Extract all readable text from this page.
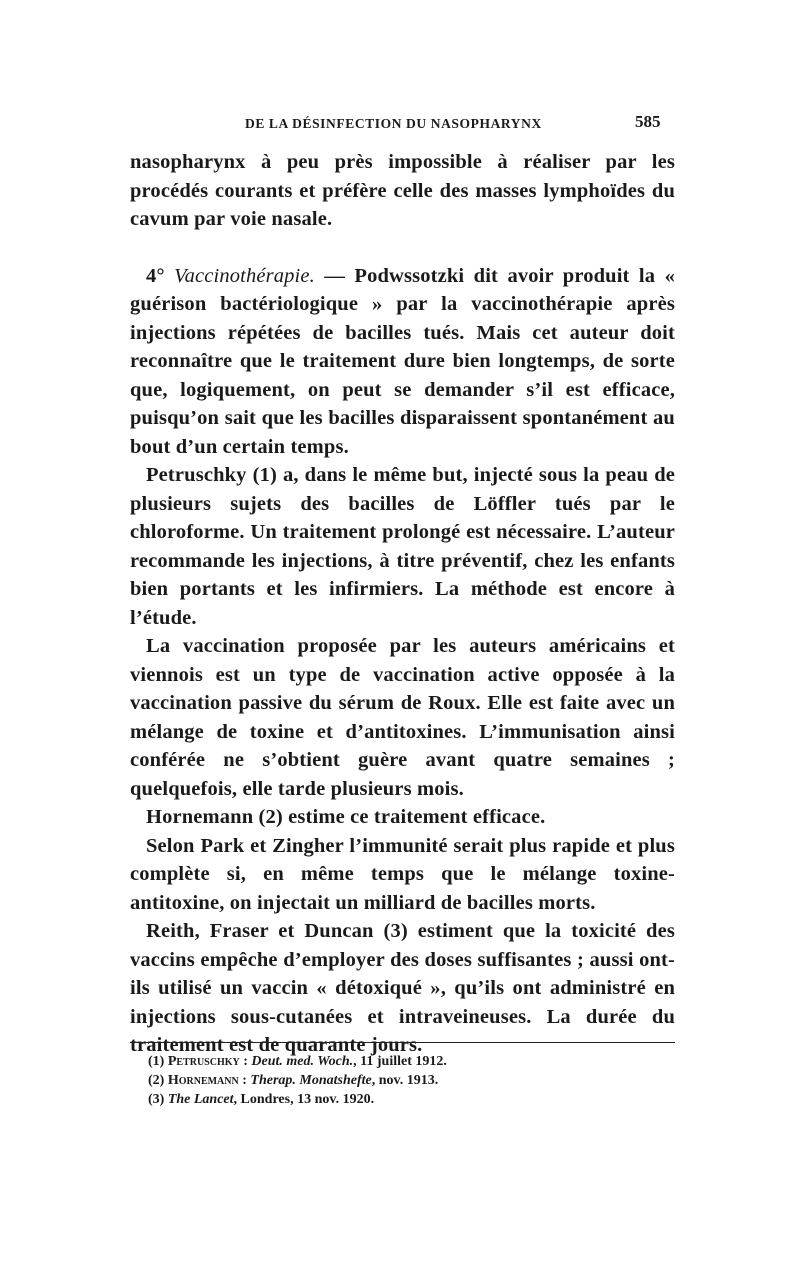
DE LA DÉSINFECTION DU NASOPHARYNX	585

nasopharynx à peu près impossible à réaliser par les procédés courants et préfère celle des masses lymphoïdes du cavum par voie nasale.

4° Vaccinothérapie. — Podwssotzki dit avoir produit la « guérison bactériologique » par la vaccinothérapie après injections répétées de bacilles tués. Mais cet auteur doit reconnaître que le traitement dure bien longtemps, de sorte que, logiquement, on peut se demander s’il est efficace, puisqu’on sait que les bacilles disparaissent spontanément au bout d’un certain temps.

Petruschky (1) a, dans le même but, injecté sous la peau de plusieurs sujets des bacilles de Löffler tués par le chloroforme. Un traitement prolongé est nécessaire. L’auteur recommande les injections, à titre préventif, chez les enfants bien portants et les infirmiers. La méthode est encore à l’étude.

La vaccination proposée par les auteurs américains et viennois est un type de vaccination active opposée à la vaccination passive du sérum de Roux. Elle est faite avec un mélange de toxine et d’antitoxines. L’immunisation ainsi conférée ne s’obtient guère avant quatre semaines ; quelquefois, elle tarde plusieurs mois.

Hornemann (2) estime ce traitement efficace.

Selon Park et Zingher l’immunité serait plus rapide et plus complète si, en même temps que le mélange toxine-antitoxine, on injectait un milliard de bacilles morts.

Reith, Fraser et Duncan (3) estiment que la toxicité des vaccins empêche d’employer des doses suffisantes ; aussi ont-ils utilisé un vaccin « détoxiqué », qu’ils ont administré en injections sous-cutanées et intraveineuses. La durée du traitement est de quarante jours.

(1) Petruschky : Deut. med. Woch., 11 juillet 1912.

(2) Hornemann : Therap. Monatshefte, nov. 1913.

(3) The Lancet, Londres, 13 nov. 1920.
